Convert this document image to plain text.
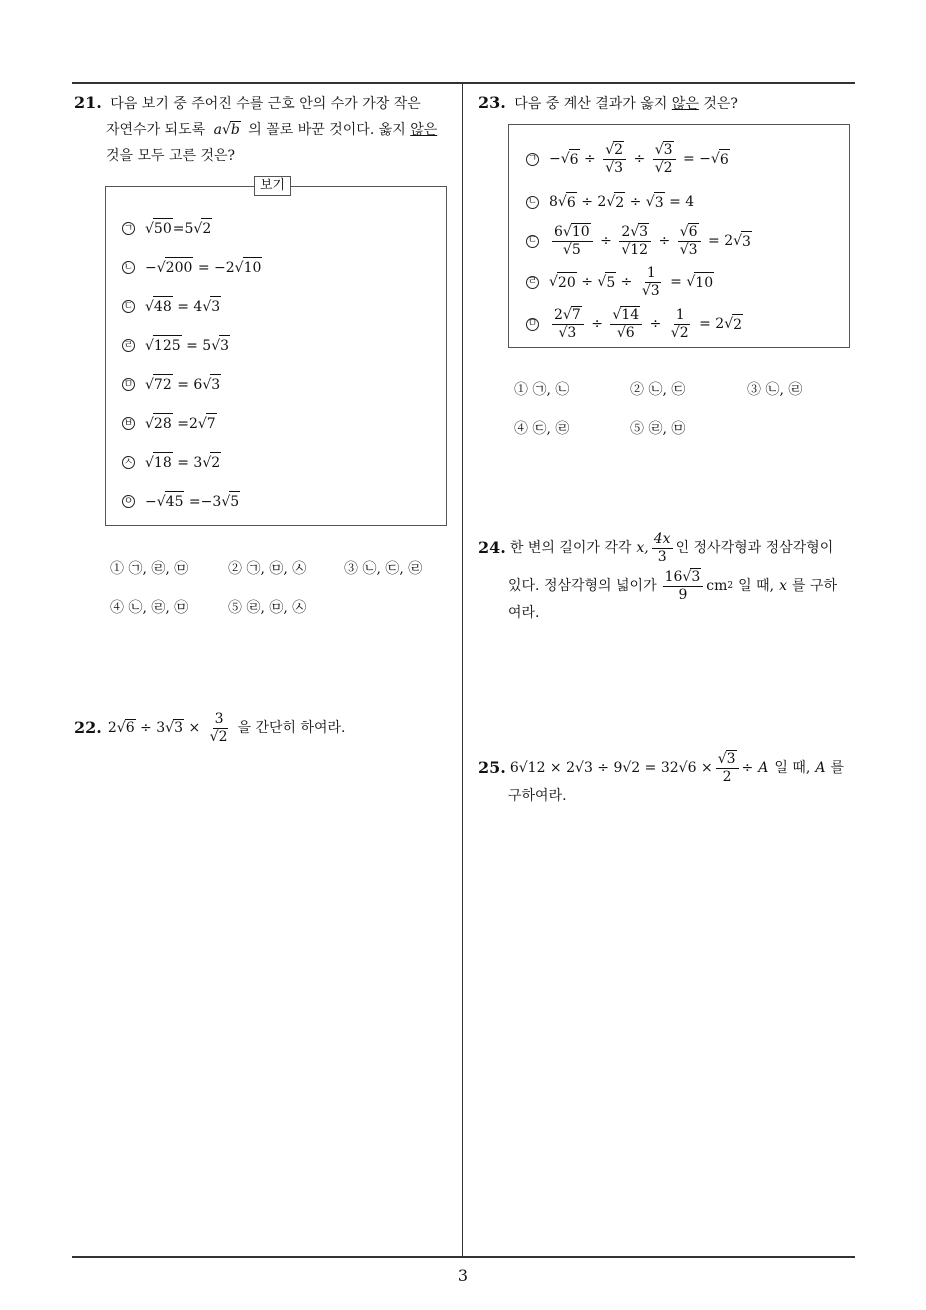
21. 다음 보기 중 주어진 수를 근호 안의 수가 가장 작은
자연수가 되도록 a√b 의 꼴로 바꾼 것이다. 옳지 않은
것을 모두 고른 것은?
보기
ㄱ √ 50 = 5 √ 2
ㄴ − √ 200 = −2 √ 10
ㄷ √ 48 = 4 √ 3
ㄹ √ 125 = 5 √ 3
ㅁ √ 72 = 6 √ 3
ㅂ √ 28 = 2 √ 7
ㅅ √ 18 = 3 √ 2
ㅇ − √ 45 = −3 √ 5
① ㉠, ㉣, ㉤	② ㉠, ㉤, ㉦	③ ㉡, ㉢, ㉣
④ ㉡, ㉣, ㉤	⑤ ㉣, ㉤, ㉦
22. $2√6 \div 3√3 \times \frac{3}{√2}$ 을 간단히 하여라.
23. 다음 중 계산 결과가 옳지 않은 것은?
ㄱ − √ $6 \div \frac{√2}{√3} \div \frac{√3}{√2}$ = − √ 6
ㄴ 8 √ 6 ÷ 2 √ 2 ÷ √ 3 = 4
ㄷ $\frac{6√10}{√5} \div \frac{2√3}{√12} \div \frac{√6}{√3} = 2$ √ 3
ㄹ √ 20 ÷ √ $5 \div \frac{1}{√3}$ = √ 10
ㅁ $\frac{2√7}{√3} \div \frac{√14}{√6} \div \frac{1}{√2} = 2$ √ 2
① ㉠, ㉡	② ㉡, ㉢	③ ㉡, ㉣
④ ㉢, ㉣	⑤ ㉣, ㉤
24. 한 변의 길이가 각각 x, $\frac{4x}{3}$ 인 정사각형과 정삼각형이
있다. 정삼각형의 넓이가 $\frac{16√3}{9}$ cm 2 일 때, x 를 구하
여라.
25. $6√12 \times 2√3 \div 9√2 = 32√6 \times \frac{√3}{2} \div A$ 일 때, A 를
구하여라.
3
